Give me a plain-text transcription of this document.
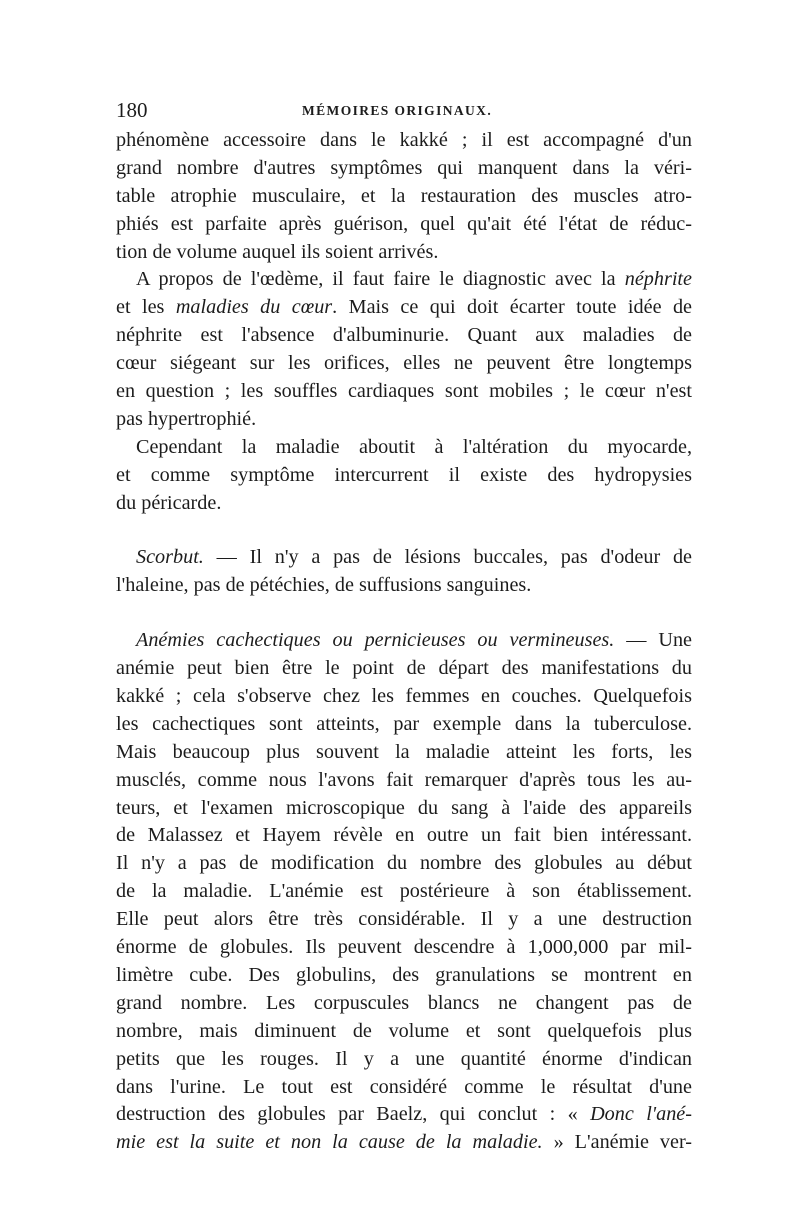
180	MÉMOIRES ORIGINAUX.
phénomène accessoire dans le kakké ; il est accompagné d'un
grand nombre d'autres symptômes qui manquent dans la véri-
table atrophie musculaire, et la restauration des muscles atro-
phiés est parfaite après guérison, quel qu'ait été l'état de réduc-
tion de volume auquel ils soient arrivés.
A propos de l'œdème, il faut faire le diagnostic avec la néphrite
et les maladies du cœur. Mais ce qui doit écarter toute idée de
néphrite est l'absence d'albuminurie. Quant aux maladies de
cœur siégeant sur les orifices, elles ne peuvent être longtemps
en question ; les souffles cardiaques sont mobiles ; le cœur n'est
pas hypertrophié.
Cependant la maladie aboutit à l'altération du myocarde,
et comme symptôme intercurrent il existe des hydropysies
du péricarde.
Scorbut. — Il n'y a pas de lésions buccales, pas d'odeur de
l'haleine, pas de pétéchies, de suffusions sanguines.
Anémies cachectiques ou pernicieuses ou vermineuses. — Une
anémie peut bien être le point de départ des manifestations du
kakké ; cela s'observe chez les femmes en couches. Quelquefois
les cachectiques sont atteints, par exemple dans la tuberculose.
Mais beaucoup plus souvent la maladie atteint les forts, les
musclés, comme nous l'avons fait remarquer d'après tous les au-
teurs, et l'examen microscopique du sang à l'aide des appareils
de Malassez et Hayem révèle en outre un fait bien intéressant.
Il n'y a pas de modification du nombre des globules au début
de la maladie. L'anémie est postérieure à son établissement.
Elle peut alors être très considérable. Il y a une destruction
énorme de globules. Ils peuvent descendre à 1,000,000 par mil-
limètre cube. Des globulins, des granulations se montrent en
grand nombre. Les corpuscules blancs ne changent pas de
nombre, mais diminuent de volume et sont quelquefois plus
petits que les rouges. Il y a une quantité énorme d'indican
dans l'urine. Le tout est considéré comme le résultat d'une
destruction des globules par Baelz, qui conclut : « Donc l'ané-
mie est la suite et non la cause de la maladie. » L'anémie ver-
